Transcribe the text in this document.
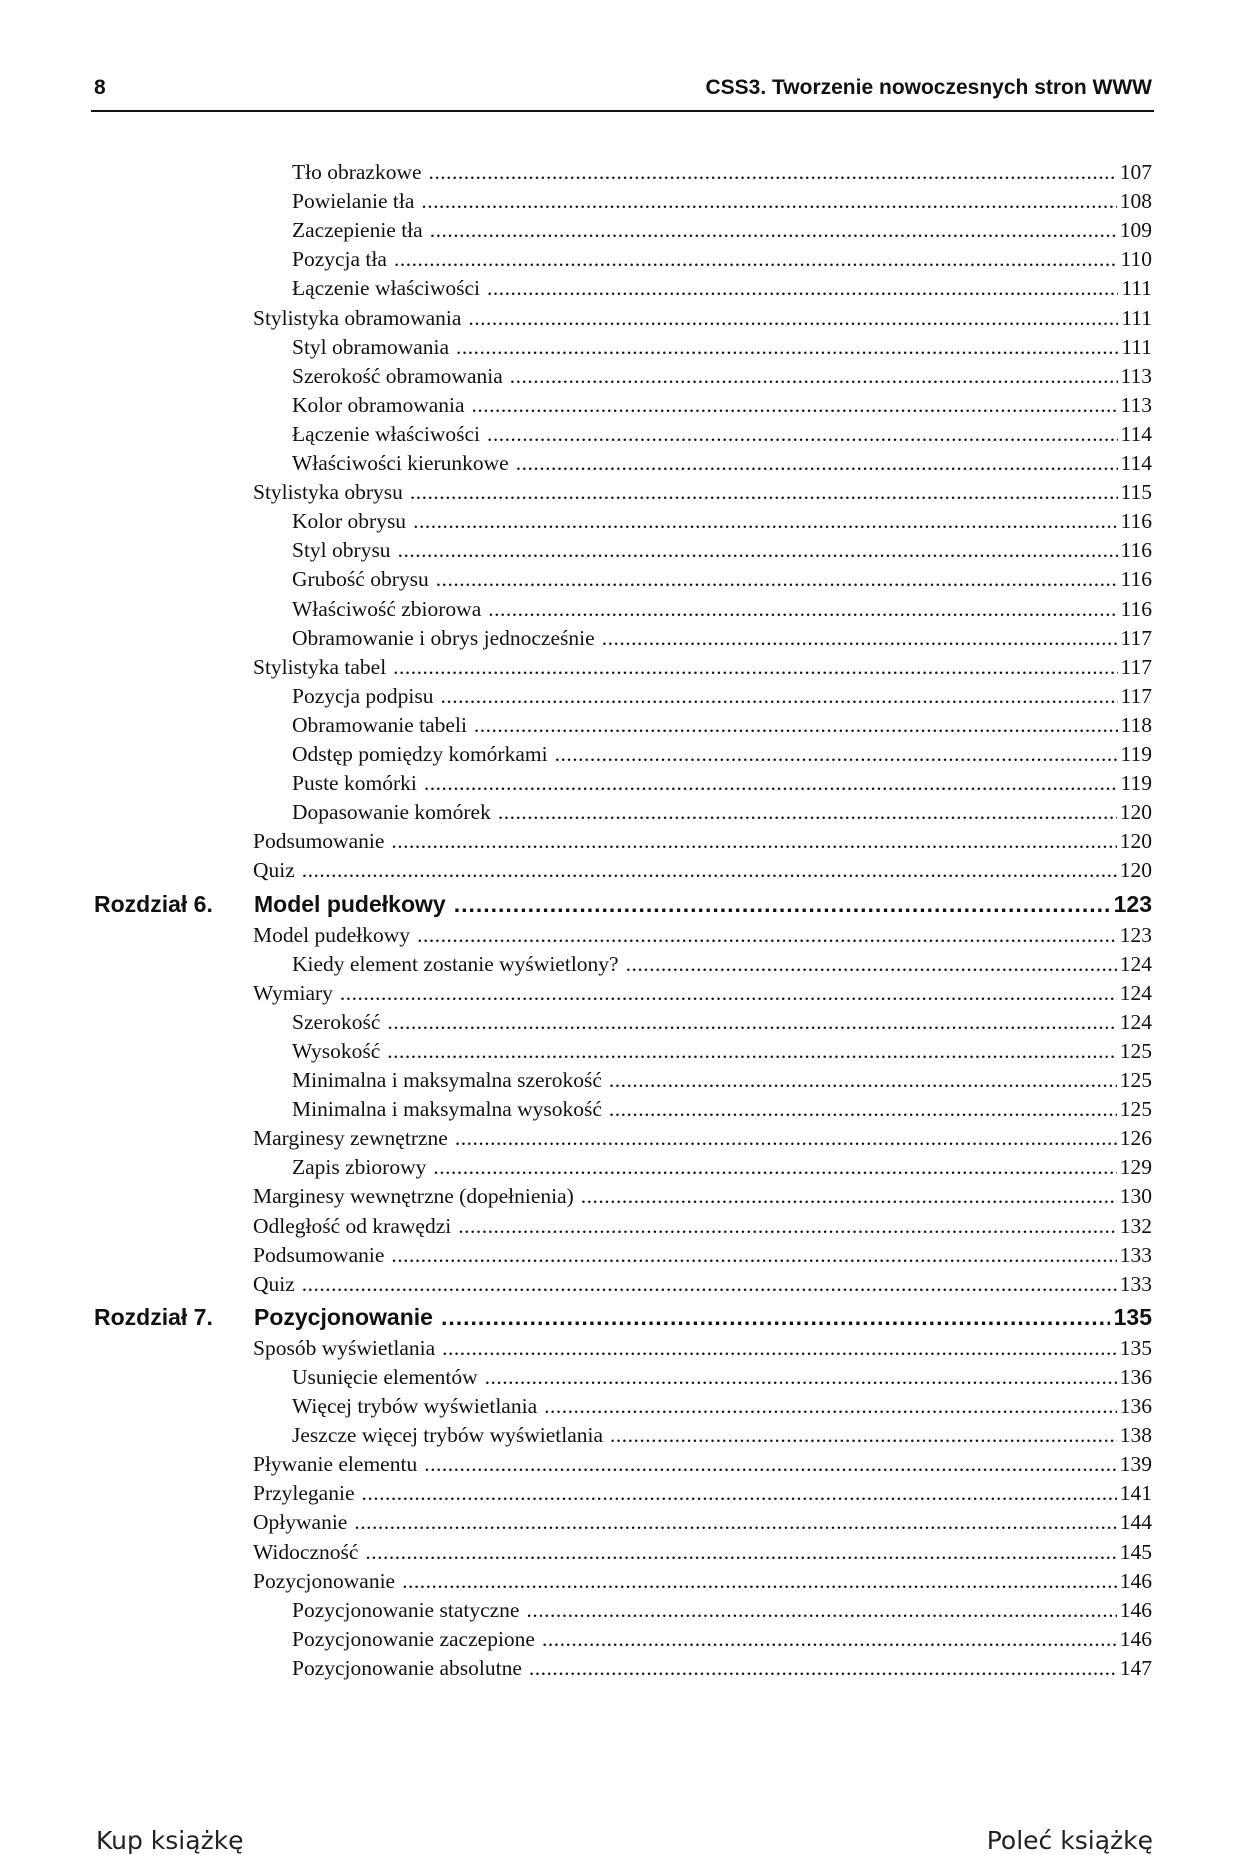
8	CSS3. Tworzenie nowoczesnych stron WWW
Tło obrazkowe .....	107
Powielanie tła .....	108
Zaczepienie tła .....	109
Pozycja tła .....	110
Łączenie właściwości .....	111
Stylistyka obramowania .....	111
Styl obramowania .....	111
Szerokość obramowania .....	113
Kolor obramowania .....	113
Łączenie właściwości .....	114
Właściwości kierunkowe .....	114
Stylistyka obrysu .....	115
Kolor obrysu .....	116
Styl obrysu .....	116
Grubość obrysu .....	116
Właściwość zbiorowa .....	116
Obramowanie i obrys jednocześnie .....	117
Stylistyka tabel .....	117
Pozycja podpisu .....	117
Obramowanie tabeli .....	118
Odstęp pomiędzy komórkami .....	119
Puste komórki .....	119
Dopasowanie komórek .....	120
Podsumowanie .....	120
Quiz .....	120
Rozdział 6.	Model pudełkowy .....	123
Model pudełkowy .....	123
Kiedy element zostanie wyświetlony? .....	124
Wymiary .....	124
Szerokość .....	124
Wysokość .....	125
Minimalna i maksymalna szerokość .....	125
Minimalna i maksymalna wysokość .....	125
Marginesy zewnętrzne .....	126
Zapis zbiorowy .....	129
Marginesy wewnętrzne (dopełnienia) .....	130
Odległość od krawędzi .....	132
Podsumowanie .....	133
Quiz .....	133
Rozdział 7.	Pozycjonowanie .....	135
Sposób wyświetlania .....	135
Usunięcie elementów .....	136
Więcej trybów wyświetlania .....	136
Jeszcze więcej trybów wyświetlania .....	138
Pływanie elementu .....	139
Przyleganie .....	141
Opływanie .....	144
Widoczność .....	145
Pozycjonowanie .....	146
Pozycjonowanie statyczne .....	146
Pozycjonowanie zaczepione .....	146
Pozycjonowanie absolutne .....	147
Kup książkę	Poleć książkę
